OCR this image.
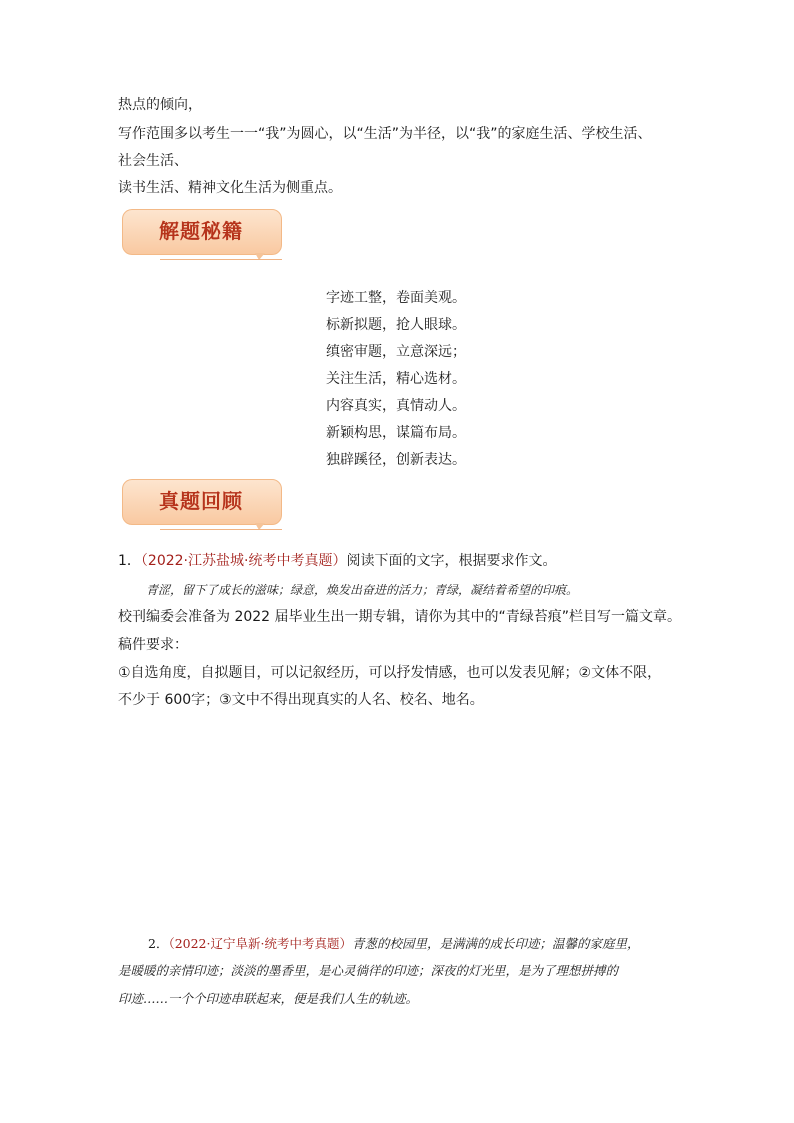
热点的倾向，
写作范围多以考生一一“我”为圆心，以“生活”为半径，以“我”的家庭生活、学校生活、
社会生活、
读书生活、精神文化生活为侧重点。
解题秘籍
字迹工整，卷面美观。
标新拟题，抢人眼球。
缜密审题，立意深远；
关注生活，精心选材。
内容真实，真情动人。
新颖构思，谋篇布局。
独辟蹊径，创新表达。
真题回顾
1．（2022·江苏盐城·统考中考真题）阅读下面的文字，根据要求作文。
青涩，留下了成长的滋味；绿意，焕发出奋进的活力；青绿，凝结着希望的印痕。
校刊编委会准备为 2022 届毕业生出一期专辑，请你为其中的“青绿苔痕”栏目写一篇文章。
稿件要求：
①自选角度，自拟题目，可以记叙经历，可以抒发情感，也可以发表见解；②文体不限，
不少于 600字；③文中不得出现真实的人名、校名、地名。
2．（2022·辽宁阜新·统考中考真题）青葱的校园里，是满满的成长印迹；温馨的家庭里，
是暖暖的亲情印迹；淡淡的墨香里，是心灵徜徉的印迹；深夜的灯光里，是为了理想拼搏的
印迹……一个个印迹串联起来，便是我们人生的轨迹。
